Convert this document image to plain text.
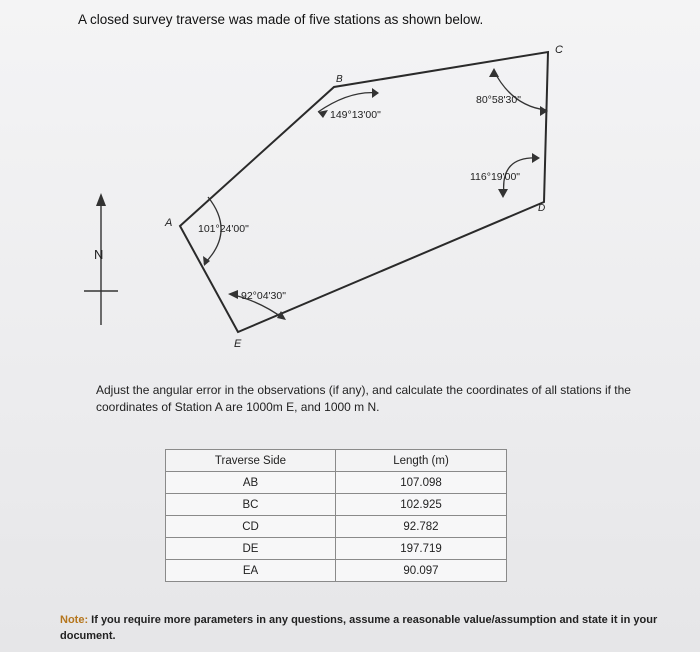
A closed survey traverse was made of five stations as shown below.
N
A
B
C
D
E
101°24'00"
149°13'00"
80°58'30"
116°19'00"
92°04'30"
Adjust the angular error in the observations (if any), and calculate the coordinates of all stations if the coordinates of Station A are 1000m E, and 1000 m N.
Traverse Side	Length (m)
AB	107.098
BC	102.925
CD	92.782
DE	197.719
EA	90.097
Note: If you require more parameters in any questions, assume a reasonable value/assumption and state it in your document.
